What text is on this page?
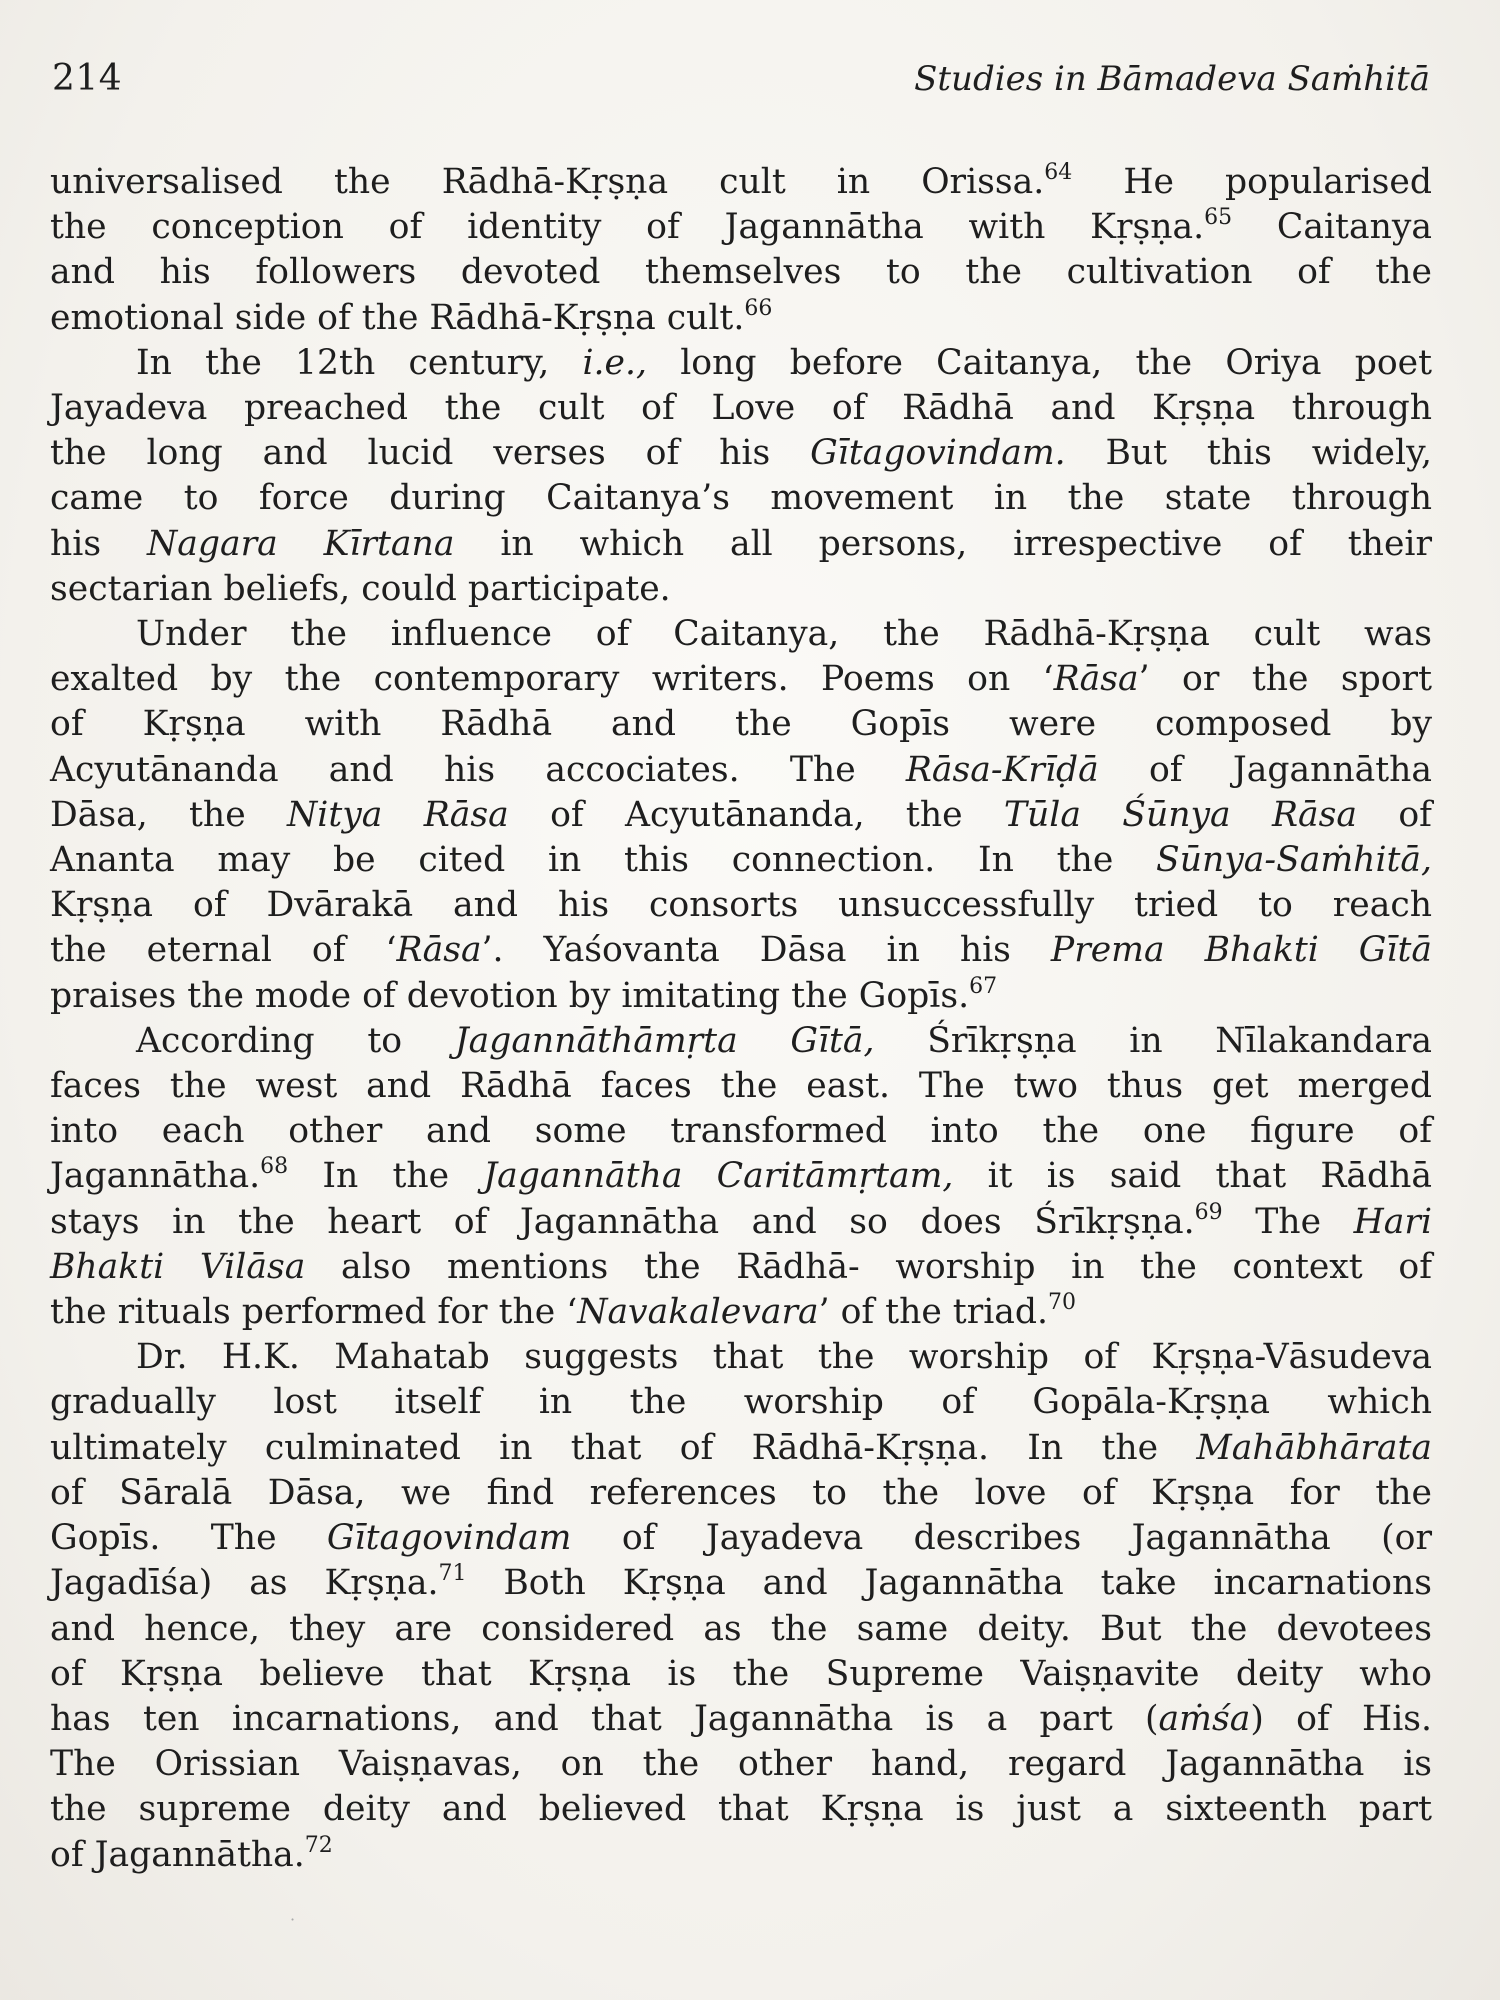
214	Studies in Bāmadeva Saṁhitā

universalised the Rādhā-Kṛṣṇa cult in Orissa.$^{64}$ He popularised
the conception of identity of Jagannātha with Kṛṣṇa.$^{65}$ Caitanya
and his followers devoted themselves to the cultivation of the
emotional side of the Rādhā-Kṛṣṇa cult.$^{66}$

In the 12th century, i.e., long before Caitanya, the Oriya poet
Jayadeva preached the cult of Love of Rādhā and Kṛṣṇa through
the long and lucid verses of his Gītagovindam. But this widely,
came to force during Caitanya’s movement in the state through
his Nagara Kīrtana in which all persons, irrespective of their
sectarian beliefs, could participate.

Under the influence of Caitanya, the Rādhā-Kṛṣṇa cult was
exalted by the contemporary writers. Poems on ‘Rāsa’ or the sport
of Kṛṣṇa with Rādhā and the Gopīs were composed by
Acyutānanda and his accociates. The Rāsa-Krīḍā of Jagannātha
Dāsa, the Nitya Rāsa of Acyutānanda, the Tūla Śūnya Rāsa of
Ananta may be cited in this connection. In the Sūnya-Saṁhitā,
Kṛṣṇa of Dvārakā and his consorts unsuccessfully tried to reach
the eternal of ‘Rāsa’. Yaśovanta Dāsa in his Prema Bhakti Gītā
praises the mode of devotion by imitating the Gopīs.$^{67}$

According to Jagannāthāmṛta Gītā, Śrīkṛṣṇa in Nīlakandara
faces the west and Rādhā faces the east. The two thus get merged
into each other and some transformed into the one figure of
Jagannātha.$^{68}$ In the Jagannātha Caritāmṛtam, it is said that Rādhā
stays in the heart of Jagannātha and so does Śrīkṛṣṇa.$^{69}$ The Hari
Bhakti Vilāsa also mentions the Rādhā- worship in the context of
the rituals performed for the ‘Navakalevara’ of the triad.$^{70}$

Dr. H.K. Mahatab suggests that the worship of Kṛṣṇa-Vāsudeva
gradually lost itself in the worship of Gopāla-Kṛṣṇa which
ultimately culminated in that of Rādhā-Kṛṣṇa. In the Mahābhārata
of Sāralā Dāsa, we find references to the love of Kṛṣṇa for the
Gopīs. The Gītagovindam of Jayadeva describes Jagannātha (or
Jagadīśa) as Kṛṣṇa.$^{71}$ Both Kṛṣṇa and Jagannātha take incarnations
and hence, they are considered as the same deity. But the devotees
of Kṛṣṇa believe that Kṛṣṇa is the Supreme Vaiṣṇavite deity who
has ten incarnations, and that Jagannātha is a part (aṁśa) of His.
The Orissian Vaiṣṇavas, on the other hand, regard Jagannātha is
the supreme deity and believed that Kṛṣṇa is just a sixteenth part
of Jagannātha.$^{72}$

·
